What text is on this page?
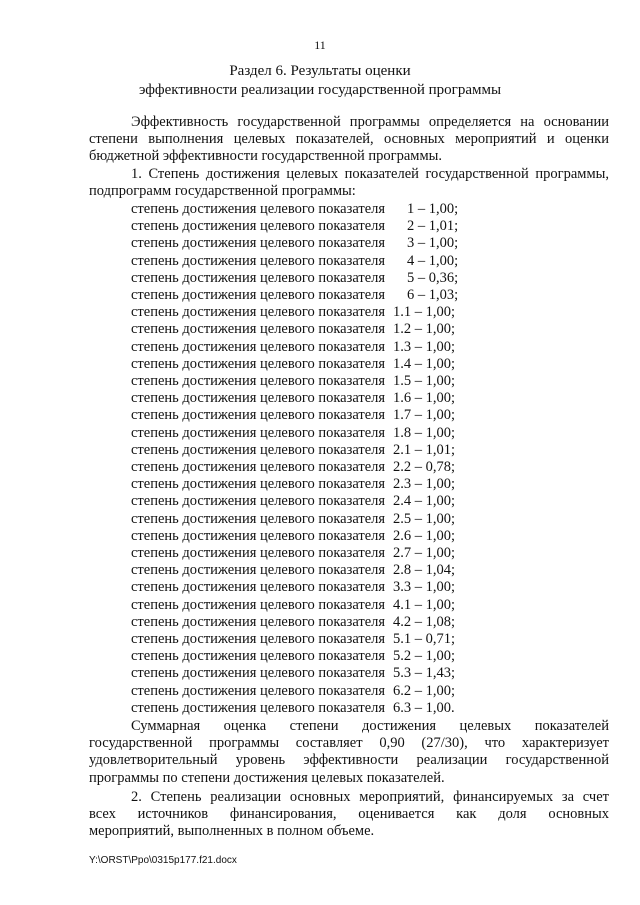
11
Раздел 6. Результаты оценки
эффективности реализации государственной программы
Эффективность государственной программы определяется на основании
степени выполнения целевых показателей, основных мероприятий и оценки
бюджетной эффективности государственной программы.
1. Степень достижения целевых показателей государственной программы,
подпрограмм государственной программы:
степень достижения целевого показателя	1 – 1,00;
степень достижения целевого показателя	2 – 1,01;
степень достижения целевого показателя	3 – 1,00;
степень достижения целевого показателя	4 – 1,00;
степень достижения целевого показателя	5 – 0,36;
степень достижения целевого показателя	6 – 1,03;
степень достижения целевого показателя 1.1 – 1,00;
степень достижения целевого показателя 1.2 – 1,00;
степень достижения целевого показателя 1.3 – 1,00;
степень достижения целевого показателя 1.4 – 1,00;
степень достижения целевого показателя 1.5 – 1,00;
степень достижения целевого показателя 1.6 – 1,00;
степень достижения целевого показателя 1.7 – 1,00;
степень достижения целевого показателя 1.8 – 1,00;
степень достижения целевого показателя 2.1 – 1,01;
степень достижения целевого показателя 2.2 – 0,78;
степень достижения целевого показателя 2.3 – 1,00;
степень достижения целевого показателя 2.4 – 1,00;
степень достижения целевого показателя 2.5 – 1,00;
степень достижения целевого показателя 2.6 – 1,00;
степень достижения целевого показателя 2.7 – 1,00;
степень достижения целевого показателя 2.8 – 1,04;
степень достижения целевого показателя 3.3 – 1,00;
степень достижения целевого показателя 4.1 – 1,00;
степень достижения целевого показателя 4.2 – 1,08;
степень достижения целевого показателя 5.1 – 0,71;
степень достижения целевого показателя 5.2 – 1,00;
степень достижения целевого показателя 5.3 – 1,43;
степень достижения целевого показателя 6.2 – 1,00;
степень достижения целевого показателя 6.3 – 1,00.
Суммарная оценка степени достижения целевых показателей
государственной программы составляет 0,90 (27/30), что характеризует
удовлетворительный уровень эффективности реализации государственной
программы по степени достижения целевых показателей.
2. Степень реализации основных мероприятий, финансируемых за счет
всех источников финансирования, оценивается как доля основных
мероприятий, выполненных в полном объеме.
Y:\ORST\Ppo\0315p177.f21.docx
